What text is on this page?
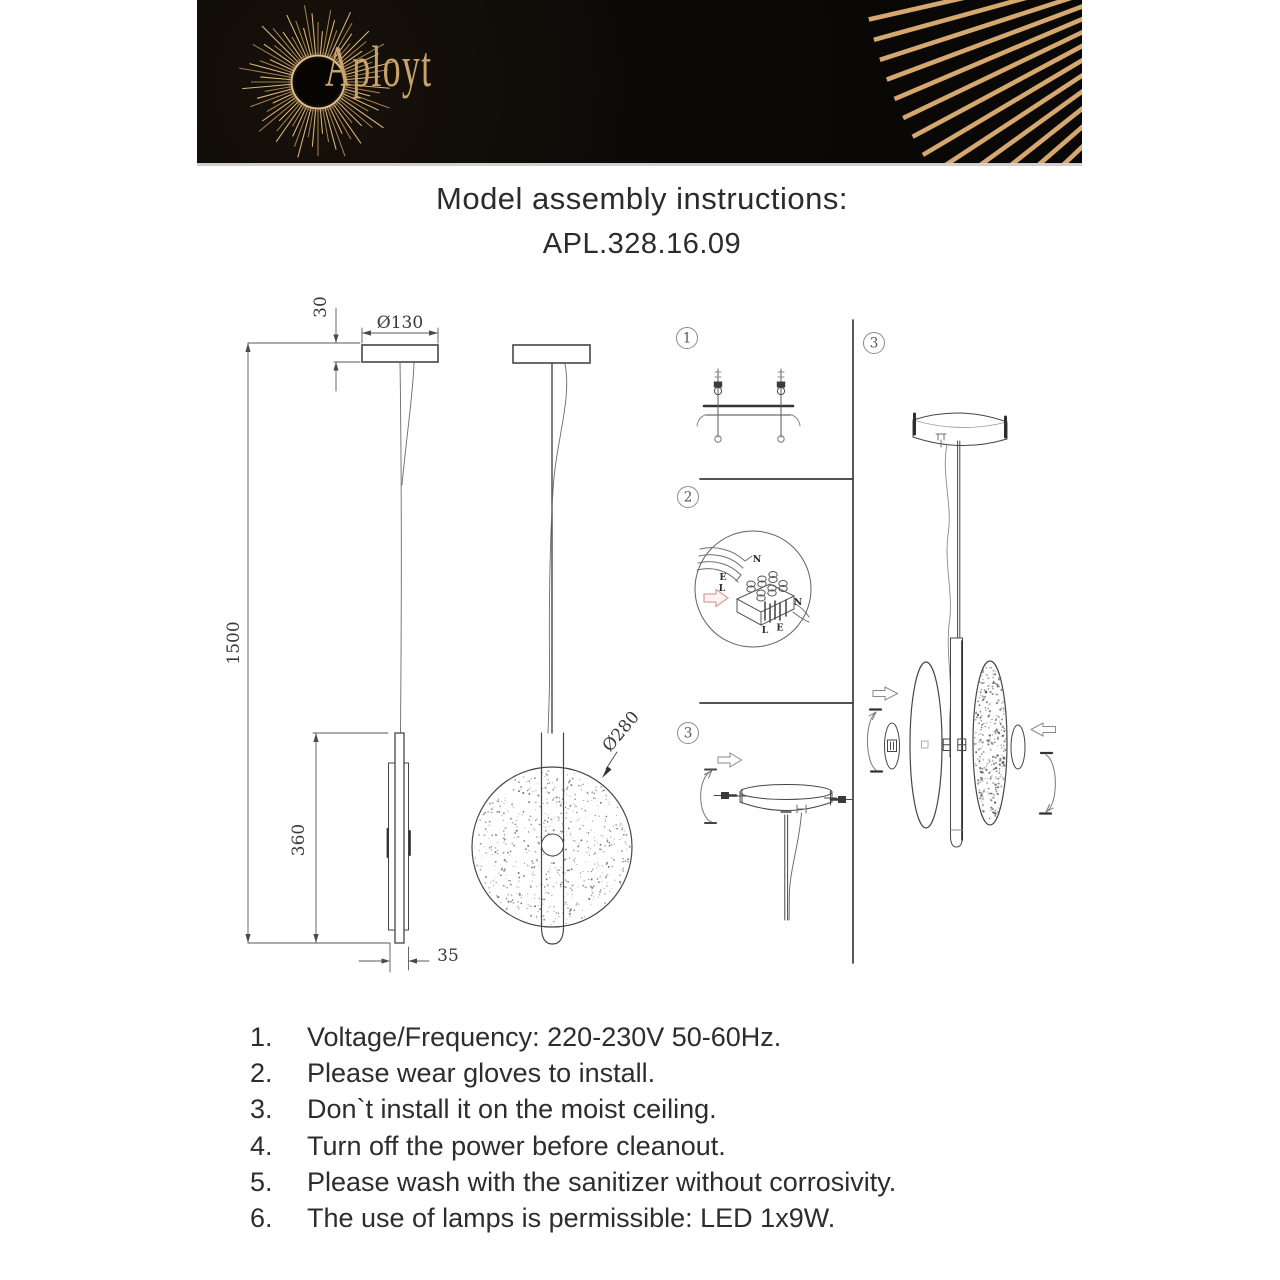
Aployt
Model assembly instructions:
APL.328.16.09
Ø130
30
1500
360
35
Ø280
1
2
3
3
N
E
L
N
L E
1.	Voltage/Frequency: 220-230V 50-60Hz.
2.	Please wear gloves to install.
3.	Don`t install it on the moist ceiling.
4.	Turn off the power before cleanout.
5.	Please wash with the sanitizer without corrosivity.
6.	The use of lamps is permissible: LED 1x9W.
